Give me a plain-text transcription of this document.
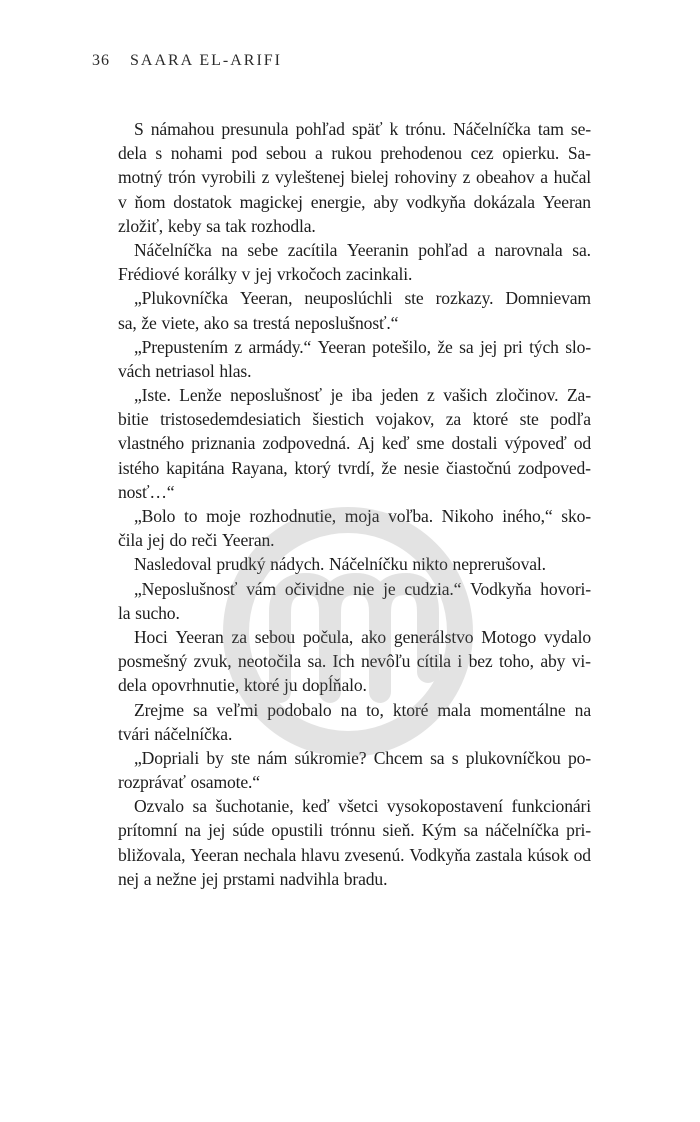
36 SAARA EL-ARIFI
S námahou presunula pohľad späť k trónu. Náčelníčka tam se-
dela s nohami pod sebou a rukou prehodenou cez opierku. Sa-
motný trón vyrobili z vyleštenej bielej rohoviny z obeahov a hučal
v ňom dostatok magickej energie, aby vodkyňa dokázala Yeeran
zložiť, keby sa tak rozhodla.
Náčelníčka na sebe zacítila Yeeranin pohľad a narovnala sa.
Frédiové korálky v jej vrkočoch zacinkali.
„Plukovníčka Yeeran, neuposlúchli ste rozkazy. Domnievam
sa, že viete, ako sa trestá neposlušnosť.“
„Prepustením z armády.“ Yeeran potešilo, že sa jej pri tých slo-
vách netriasol hlas.
„Iste. Lenže neposlušnosť je iba jeden z vašich zločinov. Za-
bitie tristosedemdesiatich šiestich vojakov, za ktoré ste podľa
vlastného priznania zodpovedná. Aj keď sme dostali výpoveď od
istého kapitána Rayana, ktorý tvrdí, že nesie čiastočnú zodpoved-
nosť…“
„Bolo to moje rozhodnutie, moja voľba. Nikoho iného,“ sko-
čila jej do reči Yeeran.
Nasledoval prudký nádych. Náčelníčku nikto neprerušoval.
„Neposlušnosť vám očividne nie je cudzia.“ Vodkyňa hovori-
la sucho.
Hoci Yeeran za sebou počula, ako generálstvo Motogo vydalo
posmešný zvuk, neotočila sa. Ich nevôľu cítila i bez toho, aby vi-
dela opovrhnutie, ktoré ju dopĺňalo.
Zrejme sa veľmi podobalo na to, ktoré mala momentálne na
tvári náčelníčka.
„Dopriali by ste nám súkromie? Chcem sa s plukovníčkou po-
rozprávať osamote.“
Ozvalo sa šuchotanie, keď všetci vysokopostavení funkcionári
prítomní na jej súde opustili trónnu sieň. Kým sa náčelníčka pri-
bližovala, Yeeran nechala hlavu zvesenú. Vodkyňa zastala kúsok od
nej a nežne jej prstami nadvihla bradu.
